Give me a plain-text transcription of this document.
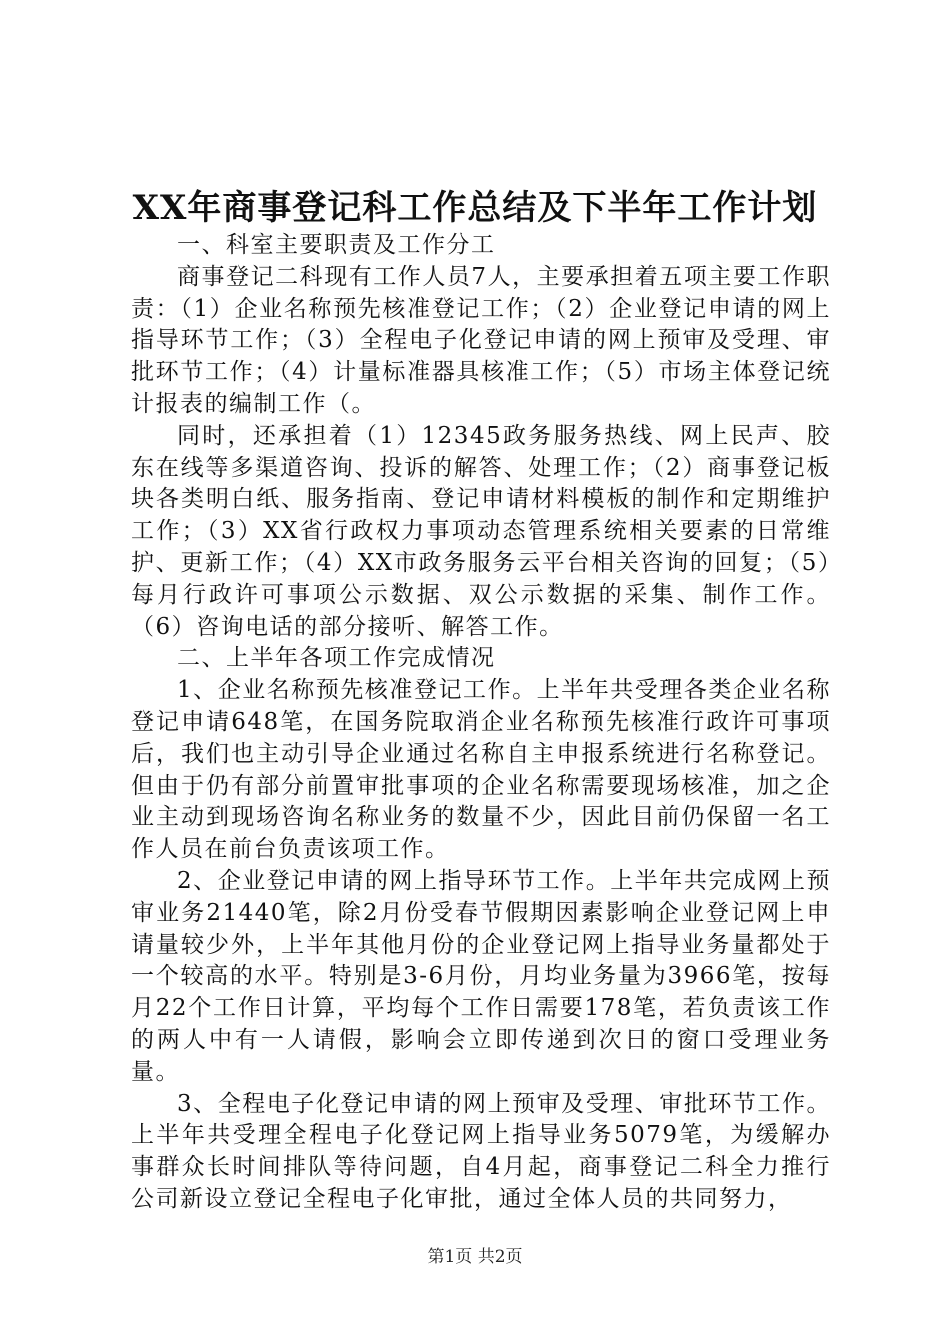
XX年商事登记科工作总结及下半年工作计划

一、科室主要职责及工作分工

商事登记二科现有工作人员7人，主要承担着五项主要工作职责：（1）企业名称预先核准登记工作；（2）企业登记申请的网上指导环节工作；（3）全程电子化登记申请的网上预审及受理、审批环节工作；（4）计量标准器具核准工作；（5）市场主体登记统计报表的编制工作（。

同时，还承担着（1）12345政务服务热线、网上民声、胶东在线等多渠道咨询、投诉的解答、处理工作；（2）商事登记板块各类明白纸、服务指南、登记申请材料模板的制作和定期维护工作；（3）XX省行政权力事项动态管理系统相关要素的日常维护、更新工作；（4）XX市政务服务云平台相关咨询的回复；（5）每月行政许可事项公示数据、双公示数据的采集、制作工作。（6）咨询电话的部分接听、解答工作。

二、上半年各项工作完成情况

1、企业名称预先核准登记工作。上半年共受理各类企业名称登记申请648笔，在国务院取消企业名称预先核准行政许可事项后，我们也主动引导企业通过名称自主申报系统进行名称登记。但由于仍有部分前置审批事项的企业名称需要现场核准，加之企业主动到现场咨询名称业务的数量不少，因此目前仍保留一名工作人员在前台负责该项工作。

2、企业登记申请的网上指导环节工作。上半年共完成网上预审业务21440笔，除2月份受春节假期因素影响企业登记网上申请量较少外，上半年其他月份的企业登记网上指导业务量都处于一个较高的水平。特别是3-6月份，月均业务量为3966笔，按每月22个工作日计算，平均每个工作日需要178笔，若负责该工作的两人中有一人请假，影响会立即传递到次日的窗口受理业务量。

3、全程电子化登记申请的网上预审及受理、审批环节工作。上半年共受理全程电子化登记网上指导业务5079笔，为缓解办事群众长时间排队等待问题，自4月起，商事登记二科全力推行公司新设立登记全程电子化审批，通过全体人员的共同努力，

第1页 共2页
